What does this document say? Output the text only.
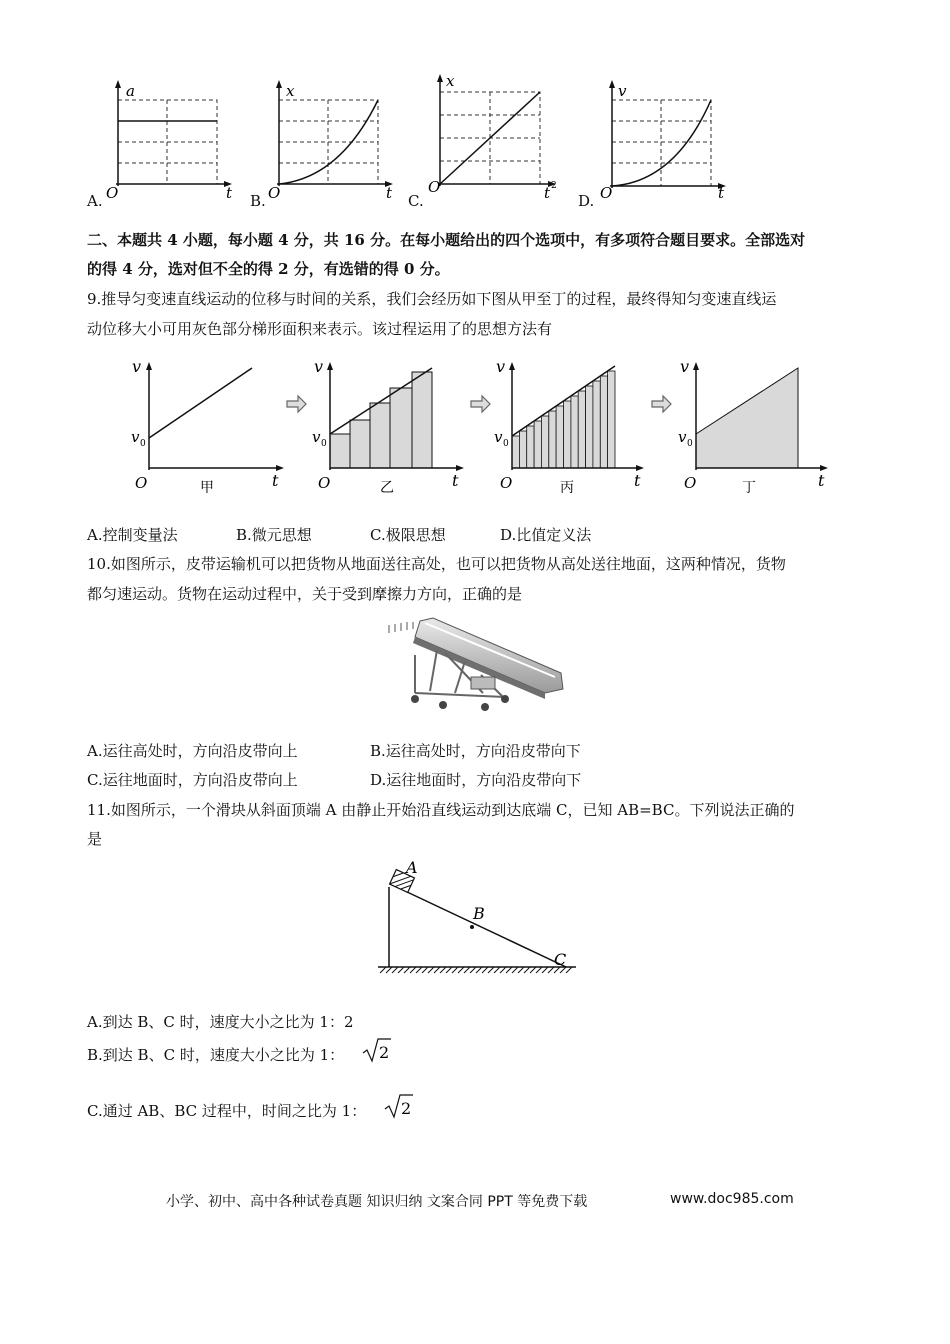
A.
a
t
O	B.
x
t
O	C.
x
t 2
O
D.
v
t
O
二、本题共 4 小题，每小题 4 分，共 16 分。在每小题给出的四个选项中，有多项符合题目要求。全部选对
的得 4 分，选对但不全的得 2 分，有选错的得 0 分。
9.推导匀变速直线运动的位移与时间的关系，我们会经历如下图从甲至丁的过程，最终得知匀变速直线运
动位移大小可用灰色部分梯形面积来表示。该过程运用了的思想方法有
v
v 0
t
O	甲
v
v 0
t
O	乙
v
v 0
t
O	丙
v
v 0
t
O	丁
A.控制变量法	B.微元思想	C.极限思想	D.比值定义法
10.如图所示，皮带运输机可以把货物从地面送往高处，也可以把货物从高处送往地面，这两种情况，货物
都匀速运动。货物在运动过程中，关于受到摩擦力方向，正确的是
A.运往高处时，方向沿皮带向上	B.运往高处时，方向沿皮带向下
C.运往地面时，方向沿皮带向上	D.运往地面时，方向沿皮带向下
11.如图所示，一个滑块从斜面顶端 A 由静止开始沿直线运动到达底端 C，已知 AB=BC。下列说法正确的
是
A
B
C
A.到达 B、C 时，速度大小之比为 1：2
B.到达 B、C 时，速度大小之比为 1： 2
C.通过 AB、BC 过程中，时间之比为 1： 2
小学、初中、高中各种试卷真题 知识归纳 文案合同 PPT 等免费下载	www.doc985.com
